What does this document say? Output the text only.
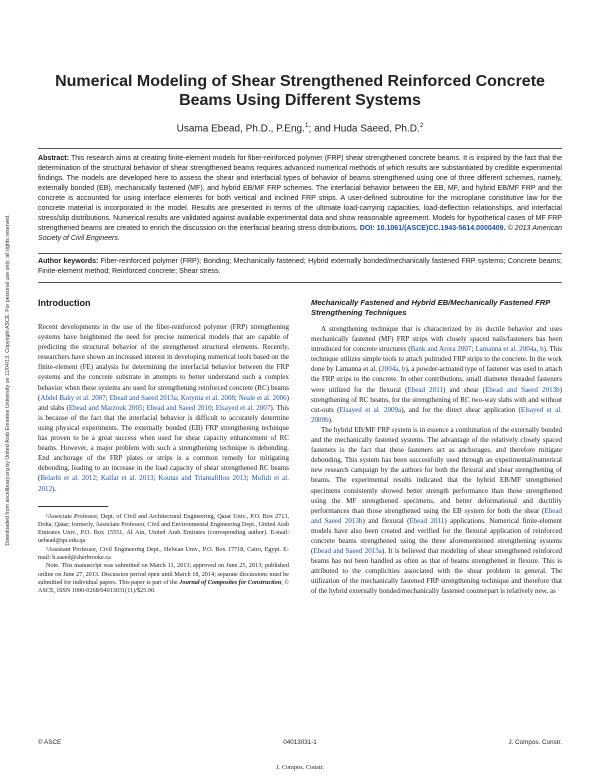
Downloaded from ascelibrary.org by United Arab Emirates University on 11/04/13. Copyright ASCE. For personal use only; all rights reserved.
Numerical Modeling of Shear Strengthened Reinforced Concrete Beams Using Different Systems
Usama Ebead, Ph.D., P.Eng.$^1$; and Huda Saeed, Ph.D.$^2$

Abstract: This research aims at creating finite-element models for fiber-reinforced polymer (FRP) shear strengthened concrete beams. It is inspired by the fact that the determination of the structural behavior of shear strengthened beams requires advanced numerical methods of which results are substantiated by credible experimental findings. The models are developed here to assess the shear and interfacial types of behavior of beams strengthened using one of three different schemes, namely, externally bonded (EB), mechanically fastened (MF), and hybrid EB/MF FRP schemes. The interfacial behavior between the EB, MF, and hybrid EB/MF FRP and the concrete is accounted for using interface elements for both vertical and inclined FRP strips. A user-defined subroutine for the microplane constitutive law for the concrete material is incorporated in the model. Results are presented in terms of the ultimate load-carrying capacities, load-deflection relationships, and interfacial stress/slip distributions. Numerical results are validated against available experimental data and show reasonable agreement. Models for hypothetical cases of MF FRP strengthened beams are created to enrich the discussion on the interfacial bearing stress distributions. DOI: 10.1061/(ASCE)CC.1943-5614.0000409. © 2013 American Society of Civil Engineers.

Author keywords: Fiber-reinforced polymer (FRP); Bonding; Mechanically fastened; Hybrid externally bonded/mechanically fastened FRP systems; Concrete beams; Finite-element method; Reinforced concrete; Shear stress.

Introduction

Recent developments in the use of the fiber-reinforced polymer (FRP) strengthening systems have heightened the need for precise numerical models that are capable of predicting the structural behavior of the strengthened structural elements. Recently, researchers have shown an increased interest in developing numerical tools based on the finite-element (FE) analysis for determining the interfacial behavior between the FRP systems and the concrete substrate in attempts to better understand such a complex behavior when these systems are used for strengthening reinforced concrete (RC) beams (Abdel Baky et al. 2007; Ebead and Saeed 2013a; Kotynia et al. 2008; Neale et al. 2006) and slabs (Ebead and Marzouk 2005; Ebead and Saeed 2010; Elsayed et al. 2007). This is because of the fact that the interfacial behavior is difficult to accurately determine using physical experiments. The externally bonded (EB) FRP strengthening technique has proven to be a great success when used for shear capacity enhancement of RC beams. However, a major problem with such a strengthening technique is debonding. End anchorage of the FRP plates or strips is a common remedy for mitigating debonding, leading to an increase in the load capacity of shear strengthened RC beams (Belarbi et al. 2012; Kalfat et al. 2013; Koutas and Triantafillou 2013; Mofidi et al. 2012).

¹Associate Professor, Dept. of Civil and Architectural Engineering, Qatar Univ., P.O. Box 2713, Doha, Qatar; formerly, Associate Professor, Civil and Environmental Engineering Dept., United Arab Emirates Univ., P.O. Box 15551, Al Ain, United Arab Emirates (corresponding author). E-mail: uebead@qu.edu.qa

²Assistant Professor, Civil Engineering Dept., Helwan Univ., P.O. Box 17718, Cairo, Egypt. E-mail: h.saeed@sherbrooke.ca

Note. This manuscript was submitted on March 11, 2013; approved on June 25, 2013; published online on June 27, 2013. Discussion period open until March 18, 2014; separate discussions must be submitted for individual papers. This paper is part of the Journal of Composites for Construction, © ASCE, ISSN 1090-0268/04013031(11)/$25.00.

Mechanically Fastened and Hybrid EB/Mechanically Fastened FRP Strengthening Techniques

A strengthening technique that is characterized by its ductile behavior and uses mechanically fastened (MF) FRP strips with closely spaced nails/fasteners has been introduced for concrete structures (Bank and Arora 2007; Lamanna et al. 2004a, b). This technique utilizes simple tools to attach pultruded FRP strips to the concrete. In the work done by Lamanna et al. (2004a, b), a powder-actuated type of fastener was used to attach the FRP strips to the concrete. In other contributions, small diameter threaded fasteners were utilized for the flexural (Ebead 2011) and shear (Ebead and Saeed 2013b) strengthening of RC beams, for the strengthening of RC two-way slabs with and without cut-outs (Elsayed et al. 2009a), and for the direct shear application (Elsayed et al. 2009b).

The hybrid EB/MF FRP system is in essence a combination of the externally bonded and the mechanically fastened systems. The advantage of the relatively closely spaced fasteners is the fact that these fasteners act as anchorages, and therefore mitigate debonding. This system has been successfully used through an experimental/numerical new research campaign by the authors for both the flexural and shear strengthening of beams. The experimental results indicated that the hybrid EB/MF strengthened specimens consistently showed better strength performance than those strengthened using the MF strengthened specimens, and better deformational and ductility performances than those strengthened using the EB system for both the shear (Ebead and Saeed 2013b) and flexural (Ebead 2011) applications. Numerical finite-element models have also been created and verified for the flexural application of reinforced concrete beams strengthened using the three aforementioned strengthening systems (Ebead and Saeed 2013a). It is believed that modeling of shear strengthened reinforced beams has not been handled as often as that of beams strengthened in flexure. This is attributed to the complicities associated with the shear problem in general. The utilization of the mechanically fastened FRP strengthening technique and therefore that of the hybrid externally bonded/mechanically fastened counterpart is relatively new, as

© ASCE	04013031-1	J. Compos. Constr.
J. Compos. Constr.
